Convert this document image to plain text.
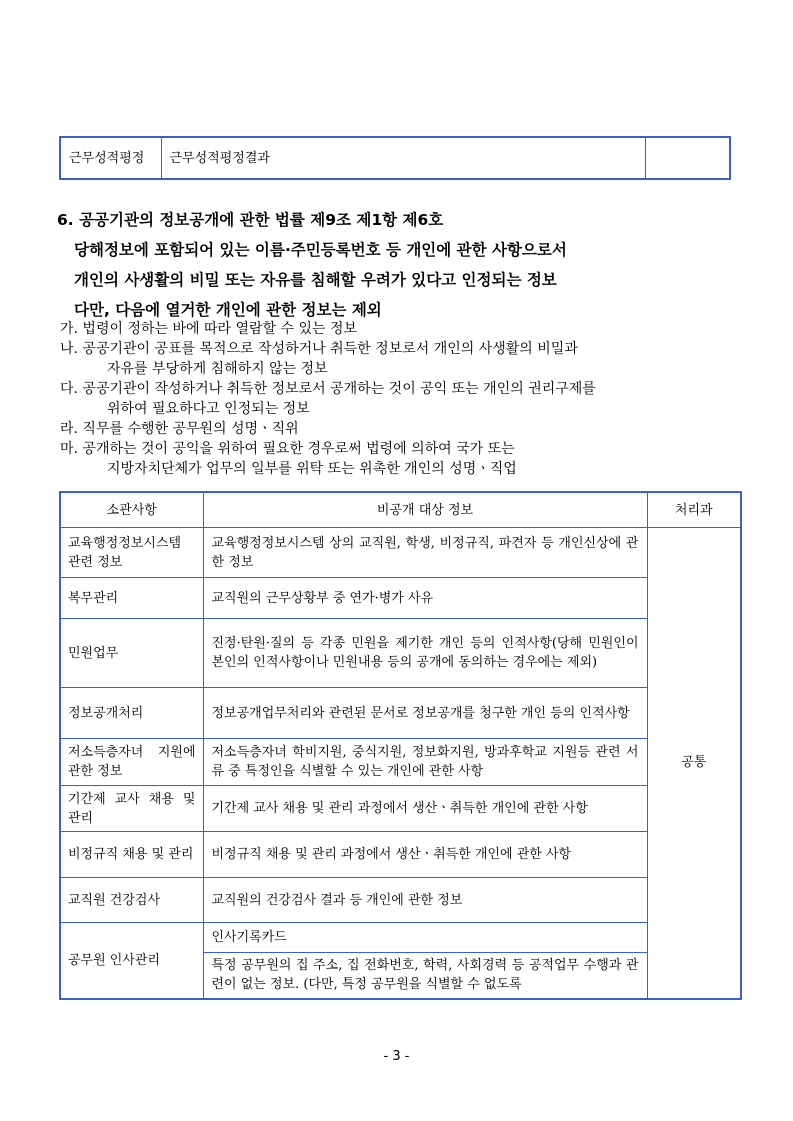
근무성적평정	근무성적평정결과	
6. 공공기관의 정보공개에 관한 법률 제9조 제1항 제6호
당해정보에 포함되어 있는 이름·주민등록번호 등 개인에 관한 사항으로서
개인의 사생활의 비밀 또는 자유를 침해할 우려가 있다고 인정되는 정보
다만, 다음에 열거한 개인에 관한 정보는 제외
가. 법령이 정하는 바에 따라 열람할 수 있는 정보
나. 공공기관이 공표를 목적으로 작성하거나 취득한 정보로서 개인의 사생활의 비밀과
자유를 부당하게 침해하지 않는 정보
다. 공공기관이 작성하거나 취득한 정보로서 공개하는 것이 공익 또는 개인의 권리구제를
위하여 필요하다고 인정되는 정보
라. 직무를 수행한 공무원의 성명ㆍ직위
마. 공개하는 것이 공익을 위하여 필요한 경우로써 법령에 의하여 국가 또는
지방자치단체가 업무의 일부를 위탁 또는 위촉한 개인의 성명ㆍ직업
소관사항	비공개 대상 정보	처리과
교육행정정보시스템 관련 정보	교육행정정보시스템 상의 교직원, 학생, 비정규직, 파견자 등 개인신상에 관한 정보	공통
복무관리	교직원의 근무상황부 중 연가·병가 사유	
민원업무	진정·탄원·질의 등 각종 민원을 제기한 개인 등의 인적사항(당해 민원인이 본인의 인적사항이나 민원내용 등의 공개에 동의하는 경우에는 제외)	
정보공개처리	정보공개업무처리와 관련된 문서로 정보공개를 청구한 개인 등의 인적사항	
저소득층자녀 지원에 관한 정보	저소득층자녀 학비지원, 중식지원, 정보화지원, 방과후학교 지원등 관련 서류 중 특정인을 식별할 수 있는 개인에 관한 사항	
기간제 교사 채용 및 관리	기간제 교사 채용 및 관리 과정에서 생산ㆍ취득한 개인에 관한 사항	
비정규직 채용 및 관리	비정규직 채용 및 관리 과정에서 생산ㆍ취득한 개인에 관한 사항	
교직원 건강검사	교직원의 건강검사 결과 등 개인에 관한 정보	
공무원 인사관리	인사기록카드	
	특정 공무원의 집 주소, 집 전화번호, 학력, 사회경력 등 공적업무 수행과 관련이 없는 정보. (다만, 특정 공무원을 식별할 수 없도록	
- 3 -
